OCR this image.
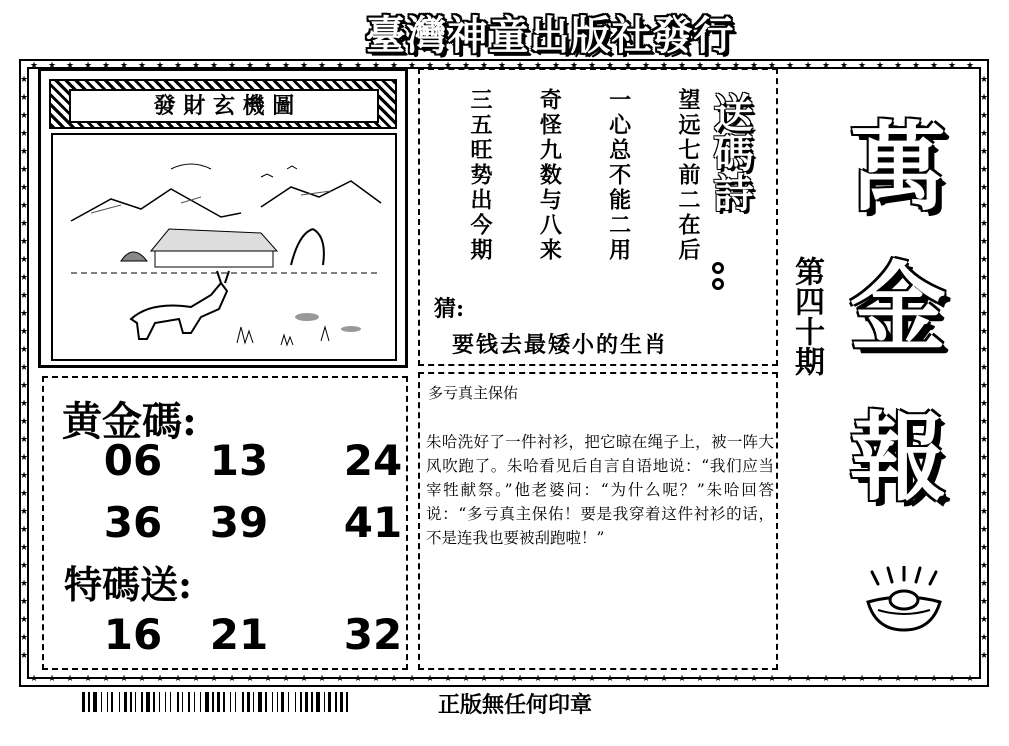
臺灣神童出版社發行
★
★
★
★
★
★
★
★
★
★
★
★
★
★
★
★
★
★
★
★
★
★
★
★
★
★
★
★
★
★
★
★
★
★
★
★
★
★
★
★
★
★
★
★
★
★
★
★
★
★
★
★
★
★
★
★
★
★
★
★
★
★
★
★
★
★
★
★
★
★
★
★
★
★
★
★
★
★
★
★
★
★
★
★
★
★
★
★
★
★
★
★
★
★
★
★
★
★
★
★
★
★
★
★
★
★
★	★
★	★
★	★
★	★
★	★
★	★
★	★
★	★
★	★
★	★
★	★
★	★
★	★
★	★
★	★
★	★
★	★
★	★
★	★
★	★
★	★
★	★
★	★
★	★
★	★
★	★
★	★
★	★
★	★
★	★
★	★
★	★
★	★
發 財 玄 機 圖	望远七前二在后
一心总不能二用
奇怪九数与八来
三五旺势出今期	送碼詩
猜:
要钱去最矮小的生肖
黄金碼:
06	13	24
36	39	41
特碼送:
16	21	32
多亏真主保佑
朱哈洗好了一件衬衫，把它晾在绳子上，被一阵大风吹跑了。朱哈看见后自言自语地说：“我们应当宰牲献祭。”他老婆问：“为什么呢？”朱哈回答说：“多亏真主保佑！要是我穿着这件衬衫的话，不是连我也要被刮跑啦！”
萬
金
報
第四十期
正版無任何印章
